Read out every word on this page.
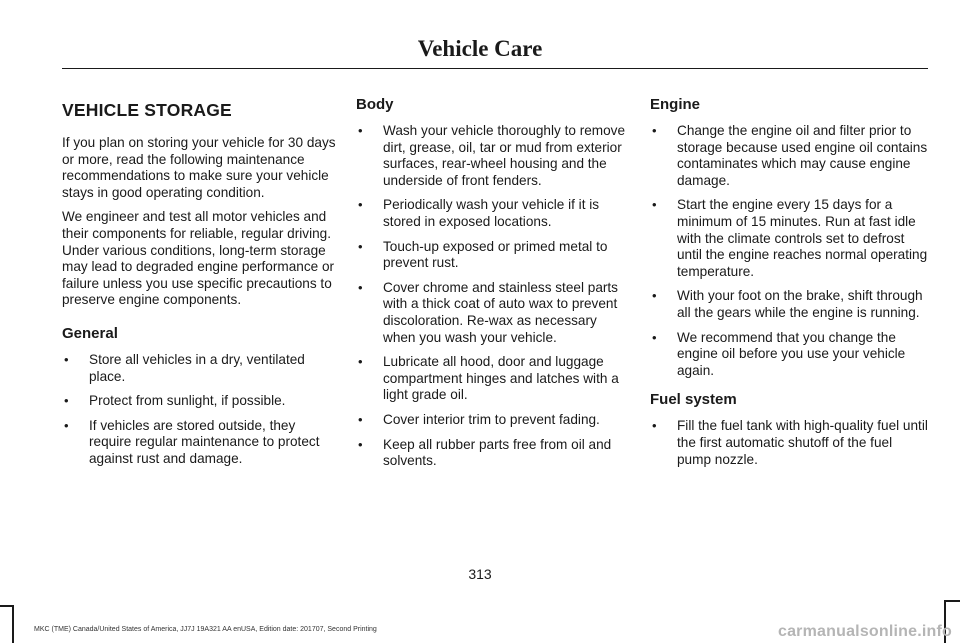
Vehicle Care
VEHICLE STORAGE

If you plan on storing your vehicle for 30 days or more, read the following maintenance recommendations to make sure your vehicle stays in good operating condition.

We engineer and test all motor vehicles and their components for reliable, regular driving. Under various conditions, long-term storage may lead to degraded engine performance or failure unless you use specific precautions to preserve engine components.

General
• Store all vehicles in a dry, ventilated place.
• Protect from sunlight, if possible.
• If vehicles are stored outside, they require regular maintenance to protect against rust and damage.
Body
• Wash your vehicle thoroughly to remove dirt, grease, oil, tar or mud from exterior surfaces, rear-wheel housing and the underside of front fenders.
• Periodically wash your vehicle if it is stored in exposed locations.
• Touch-up exposed or primed metal to prevent rust.
• Cover chrome and stainless steel parts with a thick coat of auto wax to prevent discoloration. Re-wax as necessary when you wash your vehicle.
• Lubricate all hood, door and luggage compartment hinges and latches with a light grade oil.
• Cover interior trim to prevent fading.
• Keep all rubber parts free from oil and solvents.
Engine
• Change the engine oil and filter prior to storage because used engine oil contains contaminates which may cause engine damage.
• Start the engine every 15 days for a minimum of 15 minutes. Run at fast idle with the climate controls set to defrost until the engine reaches normal operating temperature.
• With your foot on the brake, shift through all the gears while the engine is running.
• We recommend that you change the engine oil before you use your vehicle again.
Fuel system
• Fill the fuel tank with high-quality fuel until the first automatic shutoff of the fuel pump nozzle.
313
MKC (TME) Canada/United States of America, JJ7J 19A321 AA enUSA, Edition date: 201707, Second Printing	carmanualsonline.info
